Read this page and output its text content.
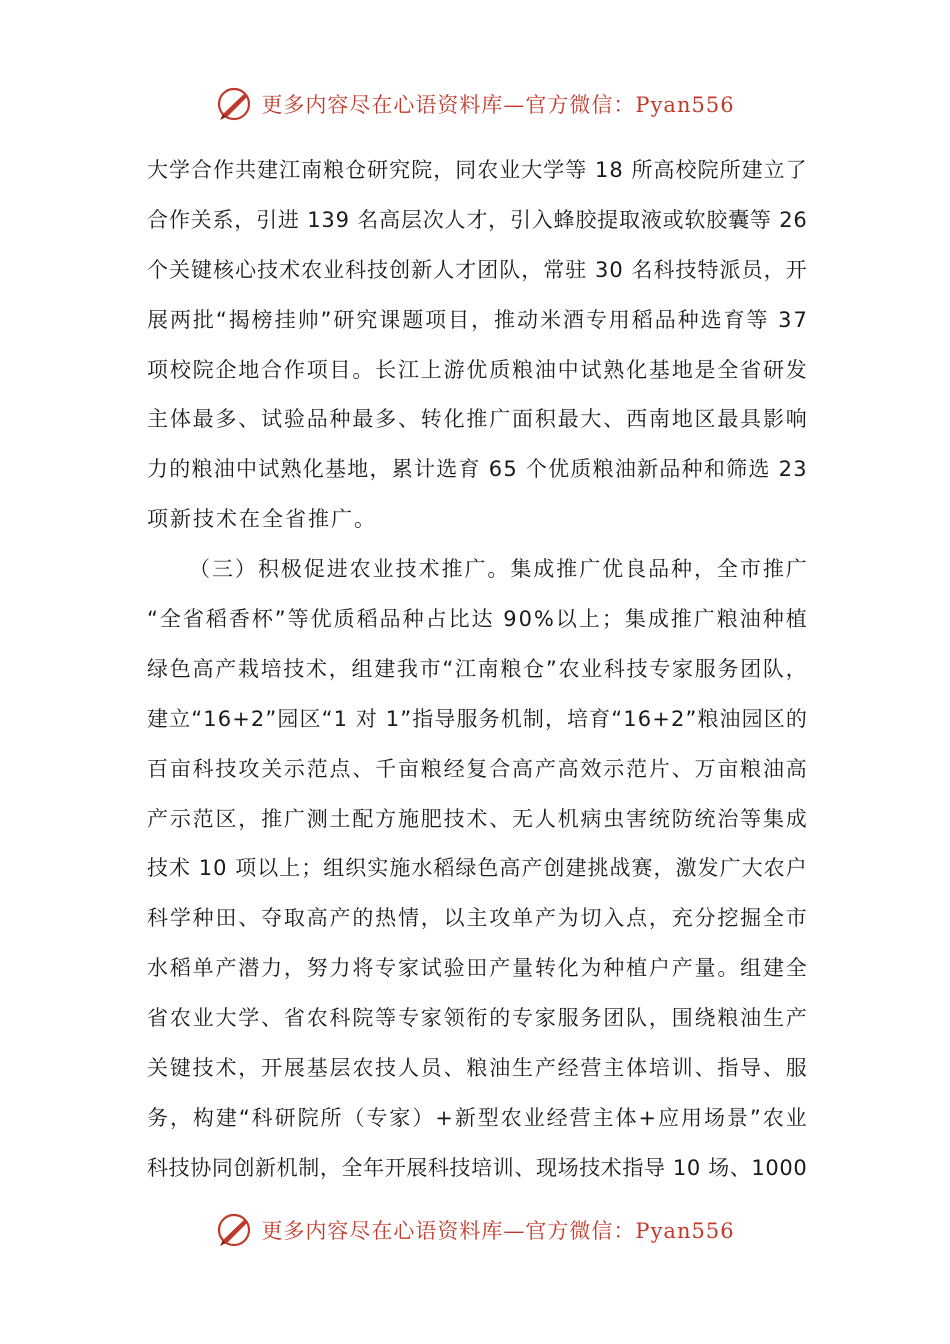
更多内容尽在心语资料库—官方微信：Pyan556
大 学 合 作 共 建 江 南 粮 仓 研 究 院 ， 同 农 业 大 学 等
1 8
所 高 校 院 所 建 立 了
合 作 关 系 ， 引 进
1 3 9
名 高 层 次 人 才 ， 引 入 蜂 胶 提 取 液 或 软 胶 囊 等
2 6
个 关 键 核 心 技 术 农 业 科 技 创 新 人 才 团 队 ， 常 驻
3 0
名 科 技 特 派 员 ， 开
展 两 批 “ 揭 榜 挂 帅 ” 研 究 课 题 项 目 ， 推 动 米 酒 专 用 稻 品 种 选 育 等
3 7
项 校 院 企 地 合 作 项 目 。 长 江 上 游 优 质 粮 油 中 试 熟 化 基 地 是 全 省 研 发
主 体 最 多 、 试 验 品 种 最 多 、 转 化 推 广 面 积 最 大 、 西 南 地 区 最 具 影 响
力 的 粮 油 中 试 熟 化 基 地 ， 累 计 选 育
6 5
个 优 质 粮 油 新 品 种 和 筛 选
2 3
项新技术在全省推广。
（ 三 ） 积 极 促 进 农 业 技 术 推 广 。 集 成 推 广 优 良 品 种 ， 全 市 推 广
“ 全 省 稻 香 杯 ” 等 优 质 稻 品 种 占 比 达
9 0 % 以 上 ； 集 成 推 广 粮 油 种 植
绿 色 高 产 栽 培 技 术 ， 组 建 我 市 “ 江 南 粮 仓 ” 农 业 科 技 专 家 服 务 团 队 ，
建 立 “ 1 6 + 2 ” 园 区 “ 1
对
1 ” 指 导 服 务 机 制 ， 培 育 “ 1 6 + 2 ” 粮 油 园 区 的
百 亩 科 技 攻 关 示 范 点 、 千 亩 粮 经 复 合 高 产 高 效 示 范 片 、 万 亩 粮 油 高
产 示 范 区 ， 推 广 测 土 配 方 施 肥 技 术 、 无 人 机 病 虫 害 统 防 统 治 等 集 成
技 术
1 0
项 以 上 ； 组 织 实 施 水 稻 绿 色 高 产 创 建 挑 战 赛 ， 激 发 广 大 农 户
科 学 种 田 、 夺 取 高 产 的 热 情 ， 以 主 攻 单 产 为 切 入 点 ， 充 分 挖 掘 全 市
水 稻 单 产 潜 力 ， 努 力 将 专 家 试 验 田 产 量 转 化 为 种 植 户 产 量 。 组 建 全
省 农 业 大 学 、 省 农 科 院 等 专 家 领 衔 的 专 家 服 务 团 队 ， 围 绕 粮 油 生 产
关 键 技 术 ， 开 展 基 层 农 技 人 员 、 粮 油 生 产 经 营 主 体 培 训 、 指 导 、 服
务 ， 构 建 “ 科 研 院 所 （ 专 家 ） + 新 型 农 业 经 营 主 体 + 应 用 场 景 ” 农 业
科 技 协 同 创 新 机 制 ， 全 年 开 展 科 技 培 训 、 现 场 技 术 指 导
1 0
场 、 1 0 0 0
更多内容尽在心语资料库—官方微信：Pyan556
